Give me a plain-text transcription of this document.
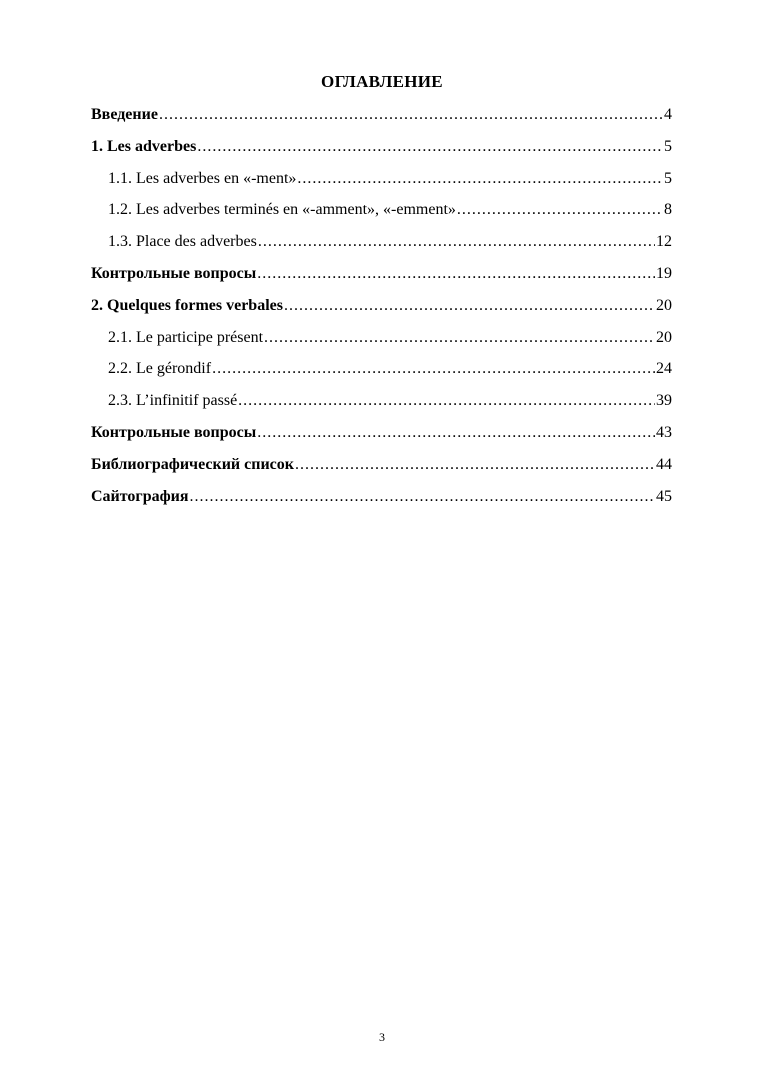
ОГЛАВЛЕНИЕ
Введение .....	4
1. Les adverbes .....	5
1.1. Les adverbes en «-ment» .....	5
1.2. Les adverbes terminés en «-amment», «-emment» .....	8
1.3. Place des adverbes .....	12
Контрольные вопросы .....	19
2. Quelques formes verbales .....	20
2.1. Le participe présent .....	20
2.2. Le gérondif .....	24
2.3. L’infinitif passé .....	39
Контрольные вопросы .....	43
Библиографический список .....	44
Сайтография .....	45
3
